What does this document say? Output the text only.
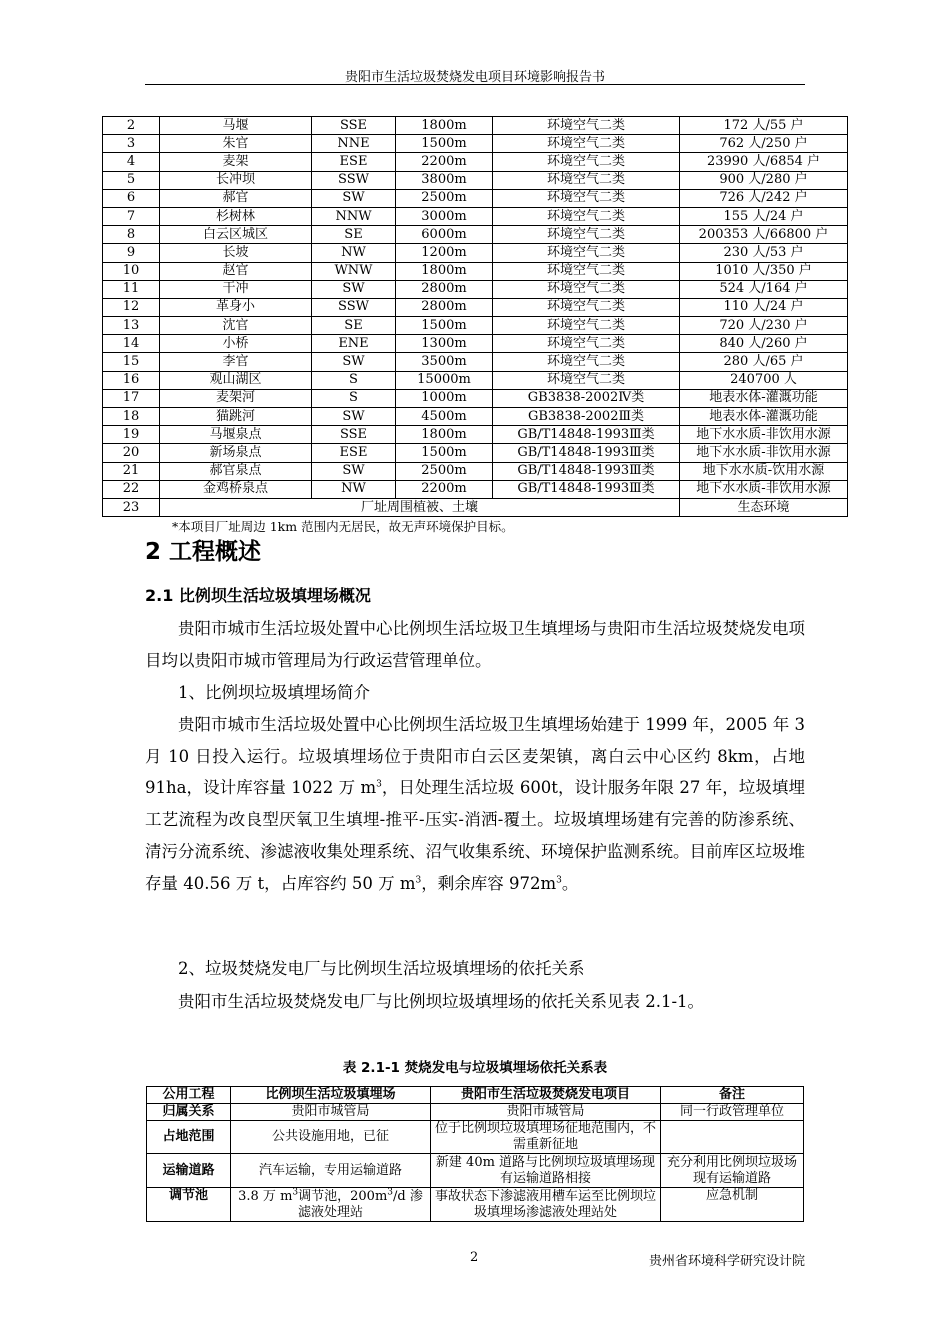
贵阳市生活垃圾焚烧发电项目环境影响报告书
2	马堰	SSE	1800m	环境空气二类	172 人/55 户
3	朱官	NNE	1500m	环境空气二类	762 人/250 户
4	麦架	ESE	2200m	环境空气二类	23990 人/6854 户
5	长冲坝	SSW	3800m	环境空气二类	900 人/280 户
6	郝官	SW	2500m	环境空气二类	726 人/242 户
7	杉树林	NNW	3000m	环境空气二类	155 人/24 户
8	白云区城区	SE	6000m	环境空气二类	200353 人/66800 户
9	长坡	NW	1200m	环境空气二类	230 人/53 户
10	赵官	WNW	1800m	环境空气二类	1010 人/350 户
11	干冲	SW	2800m	环境空气二类	524 人/164 户
12	革身小	SSW	2800m	环境空气二类	110 人/24 户
13	沈官	SE	1500m	环境空气二类	720 人/230 户
14	小桥	ENE	1300m	环境空气二类	840 人/260 户
15	李官	SW	3500m	环境空气二类	280 人/65 户
16	观山湖区	S	15000m	环境空气二类	240700 人
17	麦架河	S	1000m	GB3838-2002Ⅳ类	地表水体-灌溉功能
18	猫跳河	SW	4500m	GB3838-2002Ⅲ类	地表水体-灌溉功能
19	马堰泉点	SSE	1800m	GB/T14848-1993Ⅲ类	地下水水质-非饮用水源
20	新场泉点	ESE	1500m	GB/T14848-1993Ⅲ类	地下水水质-非饮用水源
21	郝官泉点	SW	2500m	GB/T14848-1993Ⅲ类	地下水水质-饮用水源
22	金鸡桥泉点	NW	2200m	GB/T14848-1993Ⅲ类	地下水水质-非饮用水源
23	厂址周围植被、土壤				生态环境
*本项目厂址周边 1km 范围内无居民，故无声环境保护目标。
2 工程概述
2.1 比例坝生活垃圾填埋场概况

贵阳市城市生活垃圾处置中心比例坝生活垃圾卫生填埋场与贵阳市生活垃圾焚烧发电项目均以贵阳市城市管理局为行政运营管理单位。

1、比例坝垃圾填埋场简介

贵阳市城市生活垃圾处置中心比例坝生活垃圾卫生填埋场始建于 1999 年，2005 年 3 月 10 日投入运行。垃圾填埋场位于贵阳市白云区麦架镇，离白云中心区约 8km，占地 91ha，设计库容量 1022 万 $m^3$，日处理生活垃圾 600t，设计服务年限 27 年，垃圾填埋工艺流程为改良型厌氧卫生填埋-推平-压实-消洒-覆土。垃圾填埋场建有完善的防渗系统、清污分流系统、渗滤液收集处理系统、沼气收集系统、环境保护监测系统。目前库区垃圾堆存量 40.56 万 t，占库容约 50 万 $m^3$，剩余库容 $972m^3$。

2、垃圾焚烧发电厂与比例坝生活垃圾填埋场的依托关系

贵阳市生活垃圾焚烧发电厂与比例坝垃圾填埋场的依托关系见表 2.1-1。

表 2.1-1 焚烧发电与垃圾填埋场依托关系表
公用工程	比例坝生活垃圾填埋场	贵阳市生活垃圾焚烧发电项目	备注
归属关系	贵阳市城管局	贵阳市城管局	同一行政管理单位
占地范围	公共设施用地，已征	位于比例坝垃圾填埋场征地范围内，不需重新征地	
运输道路	汽车运输，专用运输道路	新建 40m 道路与比例坝垃圾填埋场现有运输道路相接	充分利用比例坝垃圾场现有运输道路
调节池	3.8 万 $m^3$调节池，$200m^3/d$ 渗滤液处理站	事故状态下渗滤液用槽车运至比例坝垃圾填埋场渗滤液处理站处	应急机制
2	贵州省环境科学研究设计院
